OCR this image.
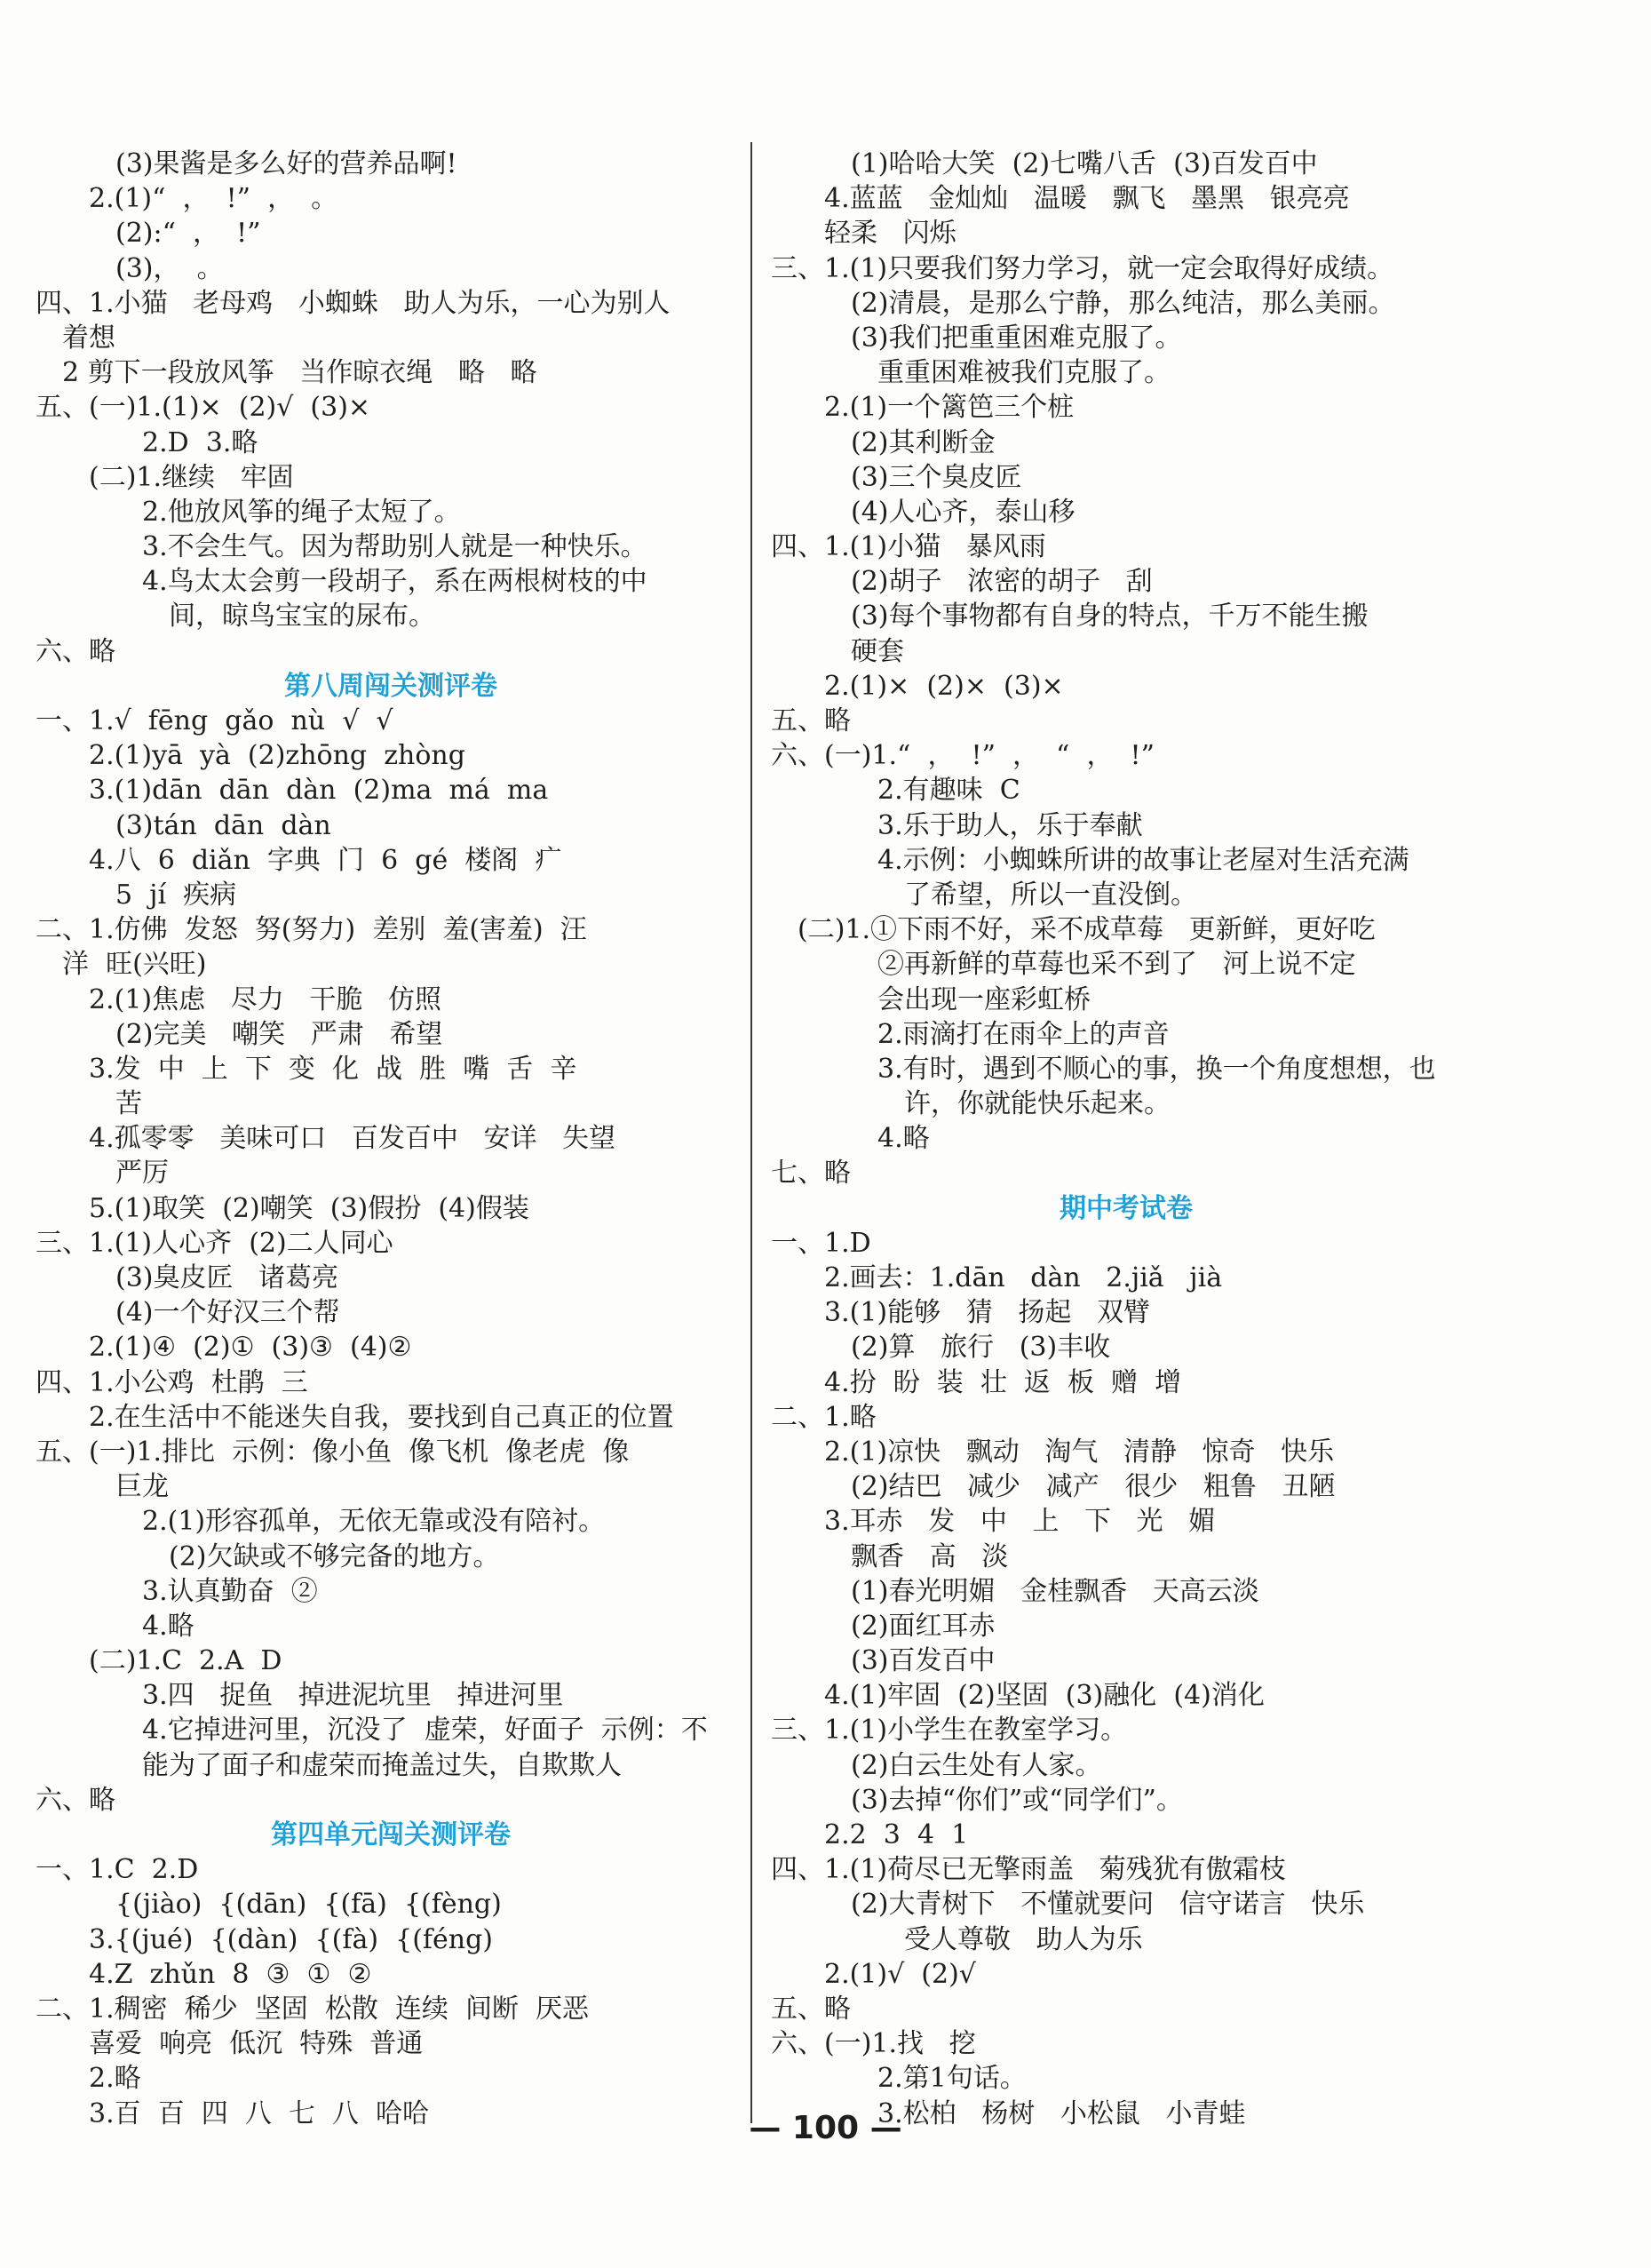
(3)果酱是多么好的营养品啊!
2.(1)“  ，  !”  ，  。
(2):“  ，  !”
(3)，  。
四、1.小猫   老母鸡   小蜘蛛   助人为乐，一心为别人
着想
2 剪下一段放风筝   当作晾衣绳   略   略
五、(一)1.(1)×  (2)√  (3)×
2.D  3.略
(二)1.继续   牢固
2.他放风筝的绳子太短了。
3.不会生气。因为帮助别人就是一种快乐。
4.鸟太太会剪一段胡子，系在两根树枝的中
间，晾鸟宝宝的尿布。
六、略
第八周闯关测评卷
一、1.√  fēng  gǎo  nù  √  √
2.(1)yā  yà  (2)zhōng  zhòng
3.(1)dān  dān  dàn  (2)ma  má  ma
(3)tán  dān  dàn
4.八  6  diǎn  字典  门  6  gé  楼阁  疒
5  jí  疾病
二、1.仿佛  发怒  努(努力)  差别  羞(害羞)  汪
洋  旺(兴旺)
2.(1)焦虑   尽力   干脆   仿照
(2)完美   嘲笑   严肃   希望
3.发  中  上  下  变  化  战  胜  嘴  舌  辛
苦
4.孤零零   美味可口   百发百中   安详   失望
严厉
5.(1)取笑  (2)嘲笑  (3)假扮  (4)假装
三、1.(1)人心齐  (2)二人同心
(3)臭皮匠   诸葛亮
(4)一个好汉三个帮
2.(1)④  (2)①  (3)③  (4)②
四、1.小公鸡  杜鹃  三
2.在生活中不能迷失自我，要找到自己真正的位置
五、(一)1.排比  示例：像小鱼  像飞机  像老虎  像
巨龙
2.(1)形容孤单，无依无靠或没有陪衬。
(2)欠缺或不够完备的地方。
3.认真勤奋  ②
4.略
(二)1.C  2.A  D
3.四   捉鱼   掉进泥坑里   掉进河里
4.它掉进河里，沉没了  虚荣，好面子  示例：不
能为了面子和虚荣而掩盖过失，自欺欺人
六、略
第四单元闯关测评卷
一、1.C  2.D
{(jiào)  {(dān)  {(fā)  {(fèng)
3.{(jué)  {(dàn)  {(fà)  {(féng)
4.Z  zhǔn  8  ③  ①  ②
二、1.稠密  稀少  坚固  松散  连续  间断  厌恶
喜爱  响亮  低沉  特殊  普通
2.略
3.百  百  四  八  七  八  哈哈
(1)哈哈大笑  (2)七嘴八舌  (3)百发百中
4.蓝蓝   金灿灿   温暖   飘飞   墨黑   银亮亮
轻柔   闪烁
三、1.(1)只要我们努力学习，就一定会取得好成绩。
(2)清晨，是那么宁静，那么纯洁，那么美丽。
(3)我们把重重困难克服了。
重重困难被我们克服了。
2.(1)一个篱笆三个桩
(2)其利断金
(3)三个臭皮匠
(4)人心齐，泰山移
四、1.(1)小猫   暴风雨
(2)胡子   浓密的胡子   刮
(3)每个事物都有自身的特点，千万不能生搬
硬套
2.(1)×  (2)×  (3)×
五、略
六、(一)1.“  ，  !”  ，  “  ，  !”
2.有趣味  C
3.乐于助人，乐于奉献
4.示例：小蜘蛛所讲的故事让老屋对生活充满
了希望，所以一直没倒。
(二)1.①下雨不好，采不成草莓   更新鲜，更好吃
②再新鲜的草莓也采不到了   河上说不定
会出现一座彩虹桥
2.雨滴打在雨伞上的声音
3.有时，遇到不顺心的事，换一个角度想想，也
许，你就能快乐起来。
4.略
七、略
期中考试卷
一、1.D
2.画去：1.dān   dàn   2.jiǎ   jià
3.(1)能够   猜   扬起   双臂
(2)算   旅行   (3)丰收
4.扮  盼  装  壮  返  板  赠  增
二、1.略
2.(1)凉快   飘动   淘气   清静   惊奇   快乐
(2)结巴   减少   减产   很少   粗鲁   丑陋
3.耳赤   发   中   上   下   光   媚
飘香   高   淡
(1)春光明媚   金桂飘香   天高云淡
(2)面红耳赤
(3)百发百中
4.(1)牢固  (2)坚固  (3)融化  (4)消化
三、1.(1)小学生在教室学习。
(2)白云生处有人家。
(3)去掉“你们”或“同学们”。
2.2  3  4  1
四、1.(1)荷尽已无擎雨盖   菊残犹有傲霜枝
(2)大青树下   不懂就要问   信守诺言   快乐
受人尊敬   助人为乐
2.(1)√  (2)√
五、略
六、(一)1.找   挖
2.第1句话。
3.松柏   杨树   小松鼠   小青蛙
— 100 —
